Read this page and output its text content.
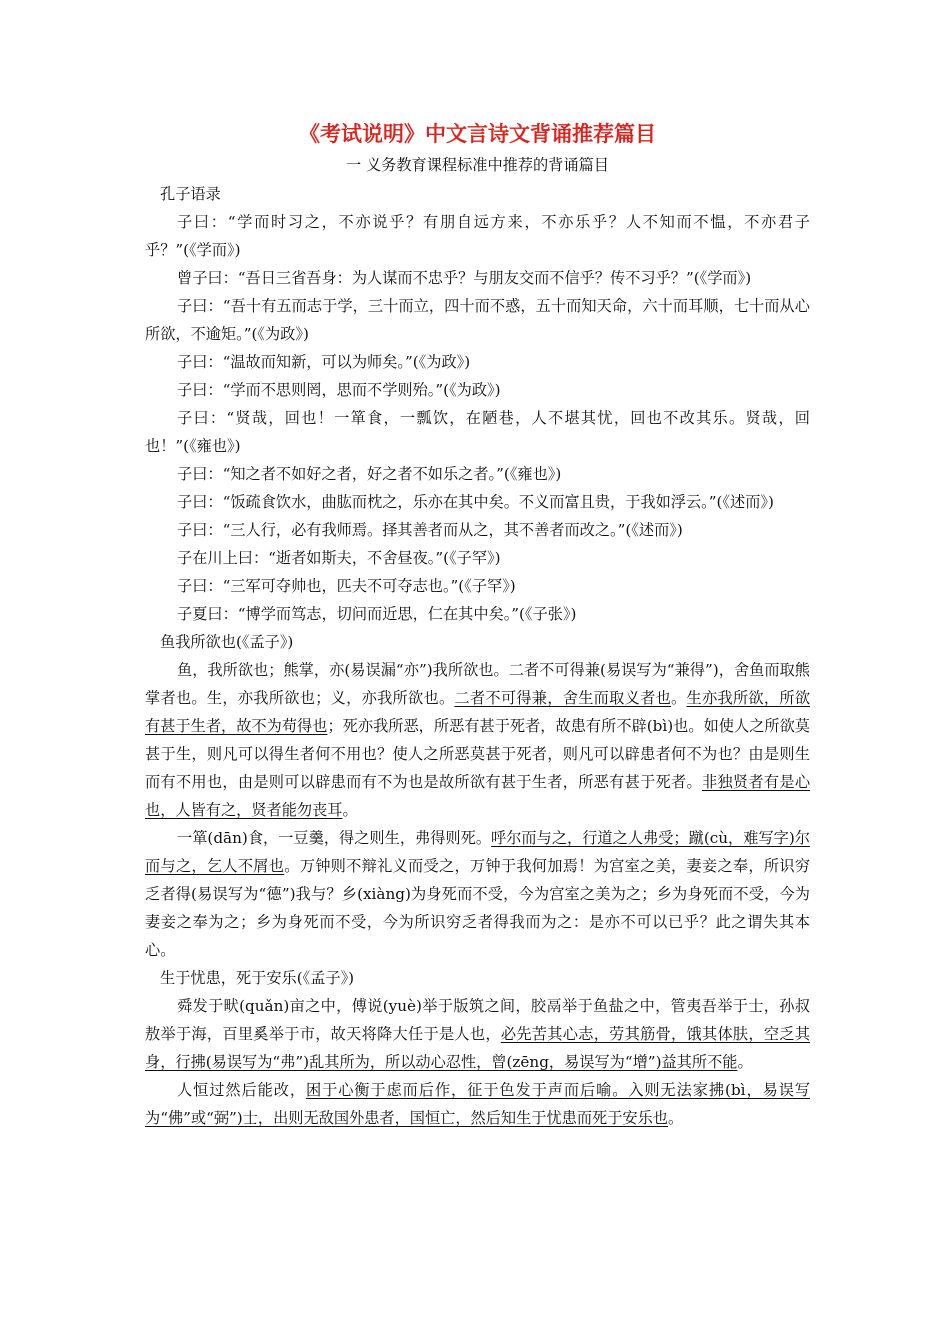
《考试说明》中文言诗文背诵推荐篇目
一 义务教育课程标准中推荐的背诵篇目
孔子语录

子曰：“学而时习之，不亦说乎？有朋自远方来，不亦乐乎？人不知而不愠，不亦君子乎？”(《学而》)

曾子曰：“吾日三省吾身：为人谋而不忠乎？与朋友交而不信乎？传不习乎？”(《学而》)

子曰：“吾十有五而志于学，三十而立，四十而不惑，五十而知天命，六十而耳顺，七十而从心所欲，不逾矩。”(《为政》)

子曰：“温故而知新，可以为师矣。”(《为政》)

子曰：“学而不思则罔，思而不学则殆。”(《为政》)

子曰：“贤哉，回也！一箪食，一瓢饮，在陋巷，人不堪其忧，回也不改其乐。贤哉，回也！”(《雍也》)

子曰：“知之者不如好之者，好之者不如乐之者。”(《雍也》)

子曰：“饭疏食饮水，曲肱而枕之，乐亦在其中矣。不义而富且贵，于我如浮云。”(《述而》)

子曰：“三人行，必有我师焉。择其善者而从之，其不善者而改之。”(《述而》)

子在川上曰：“逝者如斯夫，不舍昼夜。”(《子罕》)

子曰：“三军可夺帅也，匹夫不可夺志也。”(《子罕》)

子夏曰：“博学而笃志，切问而近思，仁在其中矣。”(《子张》)

鱼我所欲也(《孟子》)

鱼，我所欲也；熊掌，亦(易误漏“亦”)我所欲也。二者不可得兼(易误写为“兼得”)，舍鱼而取熊掌者也。生，亦我所欲也；义，亦我所欲也。二者不可得兼，舍生而取义者也。生亦我所欲，所欲有甚于生者，故不为苟得也；死亦我所恶，所恶有甚于死者，故患有所不辟(bì)也。如使人之所欲莫甚于生，则凡可以得生者何不用也？使人之所恶莫甚于死者，则凡可以辟患者何不为也？由是则生而有不用也，由是则可以辟患而有不为也是故所欲有甚于生者，所恶有甚于死者。非独贤者有是心也，人皆有之，贤者能勿丧耳。

一箪(dān)食，一豆羹，得之则生，弗得则死。呼尔而与之，行道之人弗受；蹴(cù，难写字)尔而与之，乞人不屑也。万钟则不辩礼义而受之，万钟于我何加焉！为宫室之美，妻妾之奉，所识穷乏者得(易误写为“德”)我与？乡(xiàng)为身死而不受，今为宫室之美为之；乡为身死而不受，今为妻妾之奉为之；乡为身死而不受，今为所识穷乏者得我而为之：是亦不可以已乎？此之谓失其本心。

生于忧患，死于安乐(《孟子》)

舜发于畎(quǎn)亩之中，傅说(yuè)举于版筑之间，胶鬲举于鱼盐之中，管夷吾举于士，孙叔敖举于海，百里奚举于市，故天将降大任于是人也，必先苦其心志，劳其筋骨，饿其体肤，空乏其身，行拂(易误写为“弗”)乱其所为，所以动心忍性，曾(zēng，易误写为“增”)益其所不能。

人恒过然后能改，困于心衡于虑而后作，征于色发于声而后喻。入则无法家拂(bì，易误写为“佛”或“弼”)士，出则无敌国外患者，国恒亡，然后知生于忧患而死于安乐也。
